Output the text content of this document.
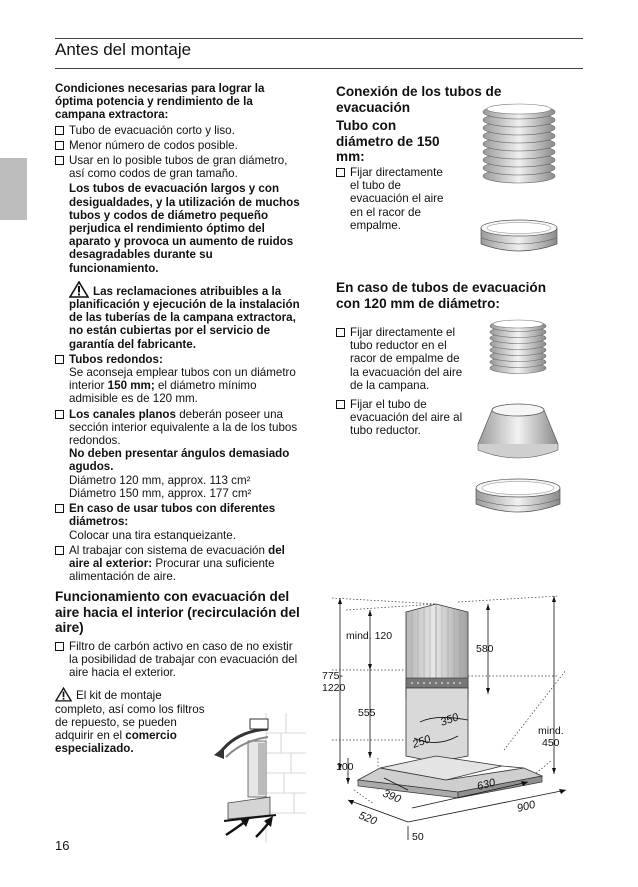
Antes del montaje
Condiciones necesarias para lograr la óptima potencia y rendimiento de la campana extractora:
Tubo de evacuación corto y liso.
Menor número de codos posible.
Usar en lo posible tubos de gran diámetro, así como codos de gran tamaño.
Los tubos de evacuación largos y con desigualdades, y la utilización de muchos tubos y codos de diámetro pequeño perjudica el rendimiento óptimo del aparato y provoca un aumento de ruidos desagradables durante su funcionamiento.
Las reclamaciones atribuibles a la planificación y ejecución de la instalación de las tuberías de la campana extractora, no están cubiertas por el servicio de garantía del fabricante.
Tubos redondos:
Se aconseja emplear tubos con un diámetro interior 150 mm; el diámetro mínimo admisible es de 120 mm.
Los canales planos deberán poseer una sección interior equivalente a la de los tubos redondos.
No deben presentar ángulos demasiado agudos.
Diámetro 120 mm, approx. 113 cm²
Diámetro 150 mm, approx. 177 cm²
En caso de usar tubos con diferentes diámetros:
Colocar una tira estanqueizante.
Al trabajar con sistema de evacuación del aire al exterior: Procurar una suficiente alimentación de aire.
Funcionamiento con evacuación del aire hacia el interior (recirculación del aire)
Filtro de carbón activo en caso de no existir la posibilidad de trabajar con evacuación del aire hacia el exterior.
El kit de montaje completo, así como los filtros de repuesto, se pueden adquirir en el comercio especializado.
16
Conexión de los tubos de evacuación
Tubo con diámetro de 150 mm:
Fijar directamente el tubo de evacuación el aire en el racor de empalme.
En caso de tubos de evacuación con 120 mm de diámetro:
Fijar directamente el tubo reductor en el racor de empalme de la evacuación del aire de la campana.
Fijar el tubo de evacuación del aire al tubo reductor.
mind. 120
580
775-
1220
555	350
250
mind.
450
100
630
390
900
520
50
